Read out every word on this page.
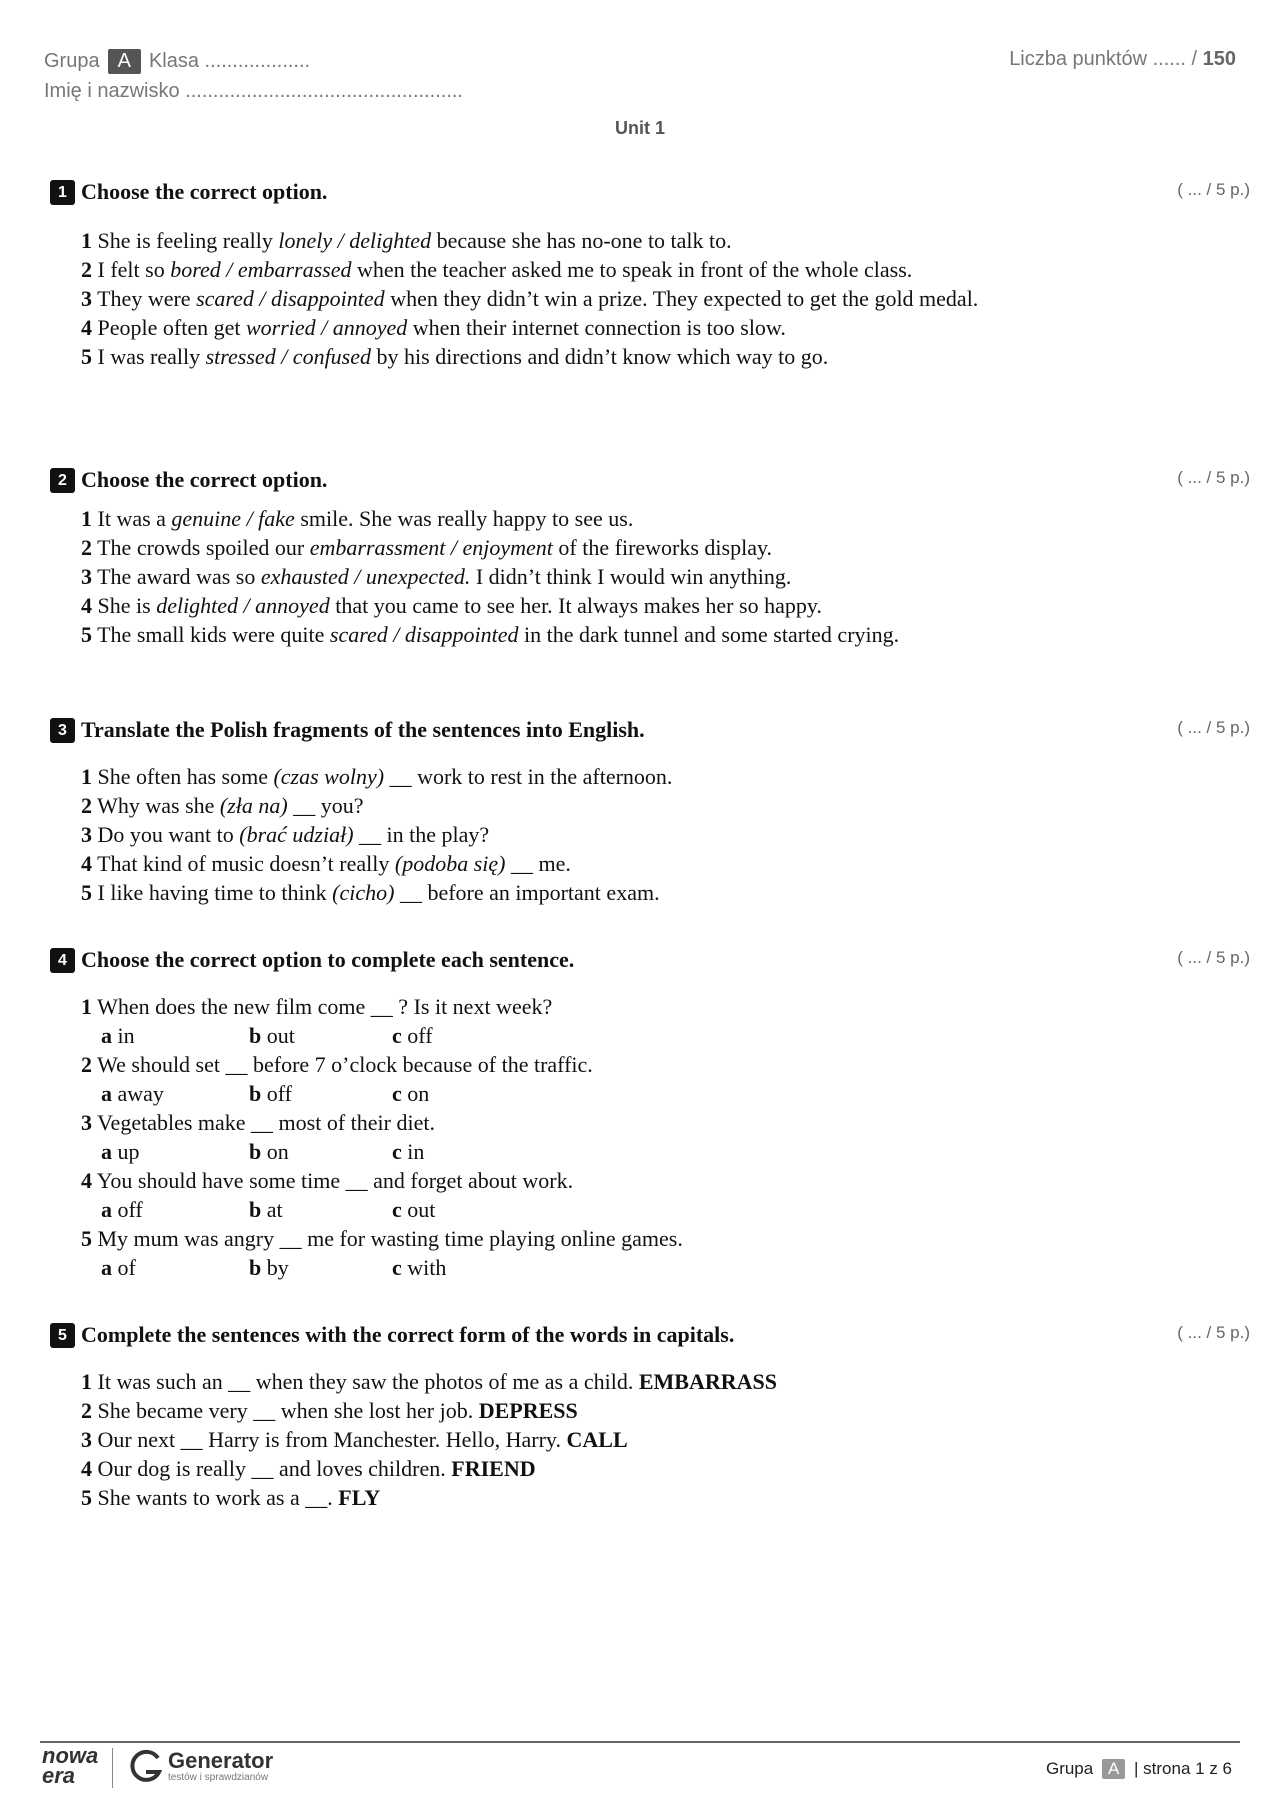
Grupa A Klasa ...................
Imię i nazwisko ..................................................
Liczba punktów ...... / 150
Unit 1
1 Choose the correct option.	( ... / 5 p.)
1 She is feeling really lonely / delighted because she has no-one to talk to.
2 I felt so bored / embarrassed when the teacher asked me to speak in front of the whole class.
3 They were scared / disappointed when they didn’t win a prize. They expected to get the gold medal.
4 People often get worried / annoyed when their internet connection is too slow.
5 I was really stressed / confused by his directions and didn’t know which way to go.
2 Choose the correct option.	( ... / 5 p.)
1 It was a genuine / fake smile. She was really happy to see us.
2 The crowds spoiled our embarrassment / enjoyment of the fireworks display.
3 The award was so exhausted / unexpected. I didn’t think I would win anything.
4 She is delighted / annoyed that you came to see her. It always makes her so happy.
5 The small kids were quite scared / disappointed in the dark tunnel and some started crying.
3 Translate the Polish fragments of the sentences into English.	( ... / 5 p.)
1 She often has some (czas wolny) __ work to rest in the afternoon.
2 Why was she (zła na) __ you?
3 Do you want to (brać udział) __ in the play?
4 That kind of music doesn’t really (podoba się) __ me.
5 I like having time to think (cicho) __ before an important exam.
4 Choose the correct option to complete each sentence.	( ... / 5 p.)
1 When does the new film come __ ? Is it next week?
a in	b out	c off
2 We should set __ before 7 o’clock because of the traffic.
a away	b off	c on
3 Vegetables make __ most of their diet.
a up	b on	c in
4 You should have some time __ and forget about work.
a off	b at	c out
5 My mum was angry __ me for wasting time playing online games.
a of	b by	c with
5 Complete the sentences with the correct form of the words in capitals.	( ... / 5 p.)
1 It was such an __ when they saw the photos of me as a child. EMBARRASS
2 She became very __ when she lost her job. DEPRESS
3 Our next __ Harry is from Manchester. Hello, Harry. CALL
4 Our dog is really __ and loves children. FRIEND
5 She wants to work as a __. FLY
nowa
era
Generator
testów i sprawdzianów	Grupa A | strona 1 z 6
